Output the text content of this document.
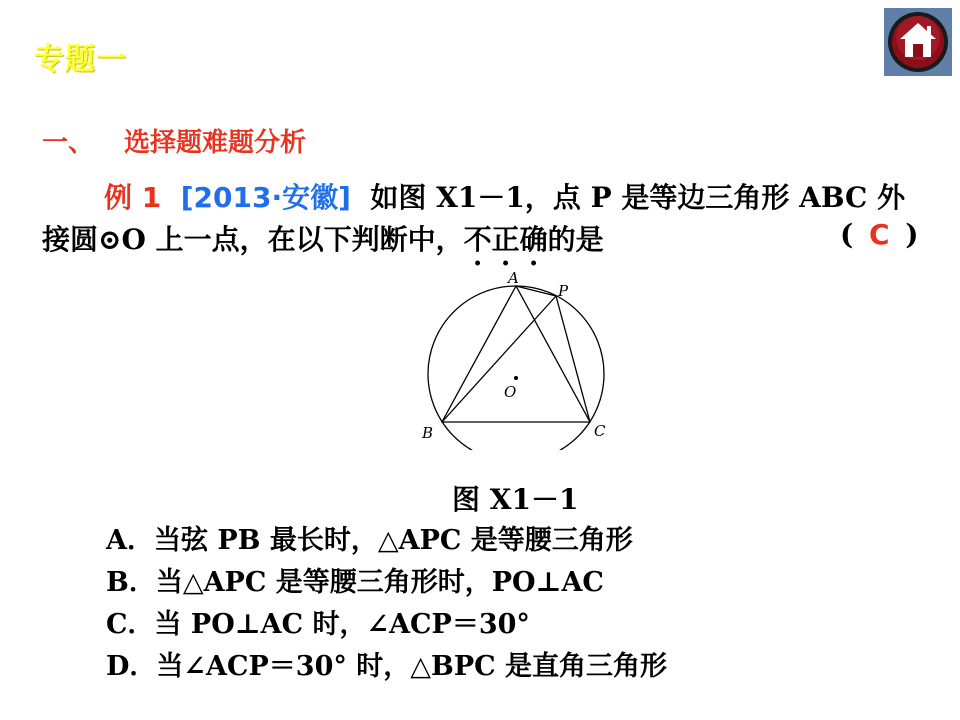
专题一
一、 选择题难题分析
例 1 [2013·安徽] 如图 X1－1，点 P 是等边三角形 ABC 外
接圆⊙O 上一点，在以下判断中，不正确的是	( C )
A
P
O
B	C
图 X1－1
A．当弦 PB 最长时，△APC 是等腰三角形
B．当△APC 是等腰三角形时，PO⊥AC
C．当 PO⊥AC 时，∠ACP＝30°
D．当∠ACP＝30° 时，△BPC 是直角三角形
